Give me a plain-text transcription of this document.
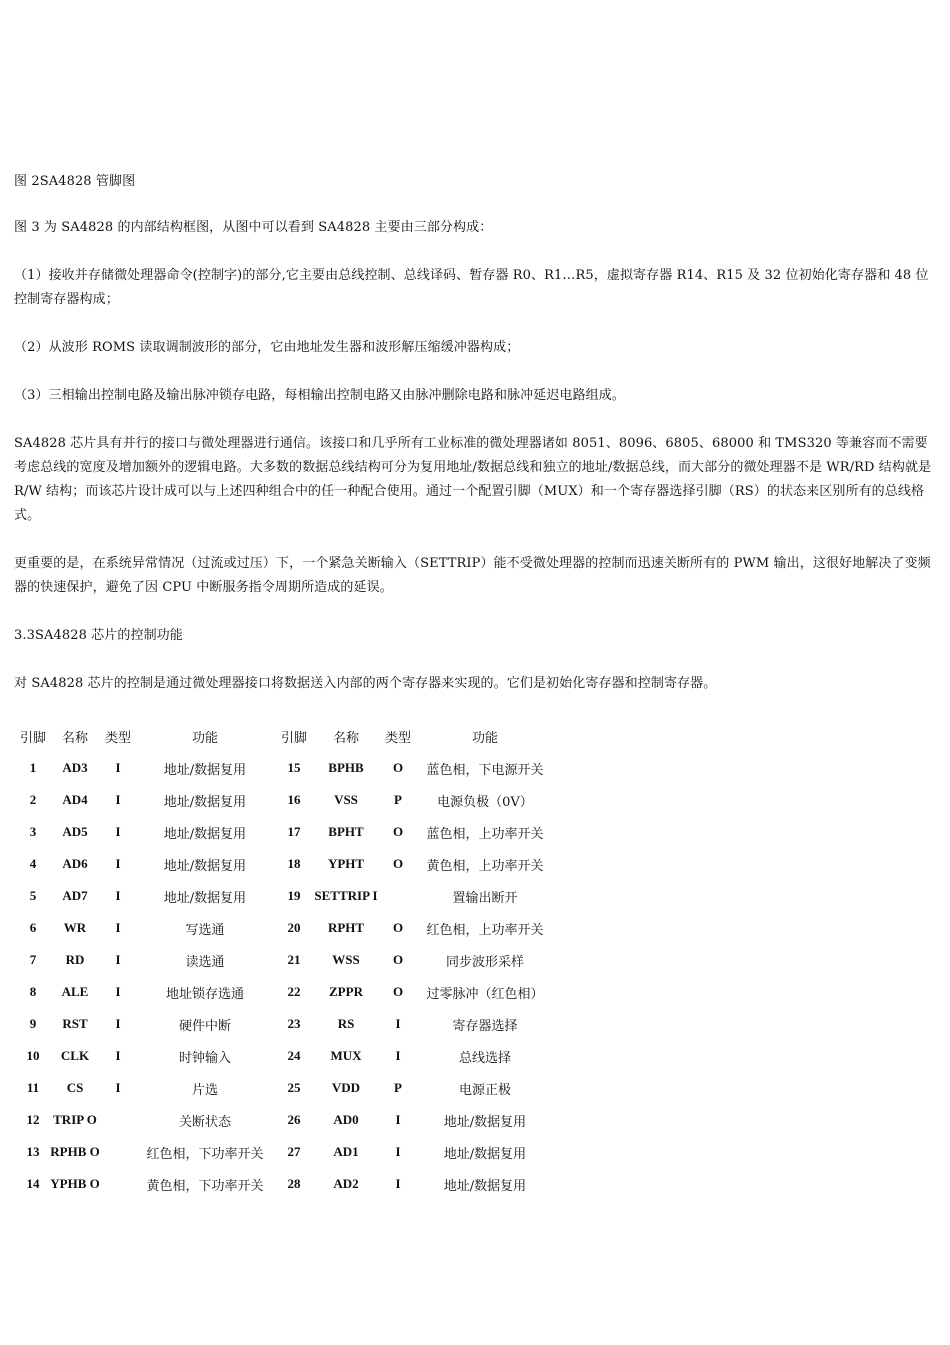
图 2SA4828 管脚图

图 3 为 SA4828 的内部结构框图，从图中可以看到 SA4828 主要由三部分构成：

（1）接收并存储微处理器命令(控制字)的部分,它主要由总线控制、总线译码、暂存器 R0、R1…R5，虚拟寄存器 R14、R15 及 32 位初始化寄存器和 48 位控制寄存器构成；

（2）从波形 ROMS 读取调制波形的部分，它由地址发生器和波形解压缩缓冲器构成；

（3）三相输出控制电路及输出脉冲锁存电路，每相输出控制电路又由脉冲删除电路和脉冲延迟电路组成。

SA4828 芯片具有并行的接口与微处理器进行通信。该接口和几乎所有工业标准的微处理器诸如 8051、8096、6805、68000 和 TMS320 等兼容而不需要考虑总线的宽度及增加额外的逻辑电路。大多数的数据总线结构可分为复用地址/数据总线和独立的地址/数据总线，而大部分的微处理器不是 WR/RD 结构就是 R/W 结构；而该芯片设计成可以与上述四种组合中的任一种配合使用。通过一个配置引脚（MUX）和一个寄存器选择引脚（RS）的状态来区别所有的总线格式。

更重要的是，在系统异常情况（过流或过压）下，一个紧急关断输入（SETTRIP）能不受微处理器的控制而迅速关断所有的 PWM 输出，这很好地解决了变频器的快速保护，避免了因 CPU 中断服务指令周期所造成的延误。

3.3SA4828 芯片的控制功能

对 SA4828 芯片的控制是通过微处理器接口将数据送入内部的两个寄存器来实现的。它们是初始化寄存器和控制寄存器。

引脚	名称	类型	功能	引脚	名称	类型	功能
1	AD3	I	地址/数据复用	15	BPHB	O	蓝色相，下电源开关
2	AD4	I	地址/数据复用	16	VSS	P	电源负极（0V）
3	AD5	I	地址/数据复用	17	BPHT	O	蓝色相，上功率开关
4	AD6	I	地址/数据复用	18	YPHT	O	黄色相，上功率开关
5	AD7	I	地址/数据复用	19	SETTRIP I		置输出断开
6	WR	I	写选通	20	RPHT	O	红色相，上功率开关
7	RD	I	读选通	21	WSS	O	同步波形采样
8	ALE	I	地址锁存选通	22	ZPPR	O	过零脉冲（红色相）
9	RST	I	硬件中断	23	RS	I	寄存器选择
10	CLK	I	时钟输入	24	MUX	I	总线选择
11	CS	I	片选	25	VDD	P	电源正极
12	TRIP O		关断状态	26	AD0	I	地址/数据复用
13	RPHB O		红色相，下功率开关	27	AD1	I	地址/数据复用
14	YPHB O		黄色相，下功率开关	28	AD2	I	地址/数据复用
